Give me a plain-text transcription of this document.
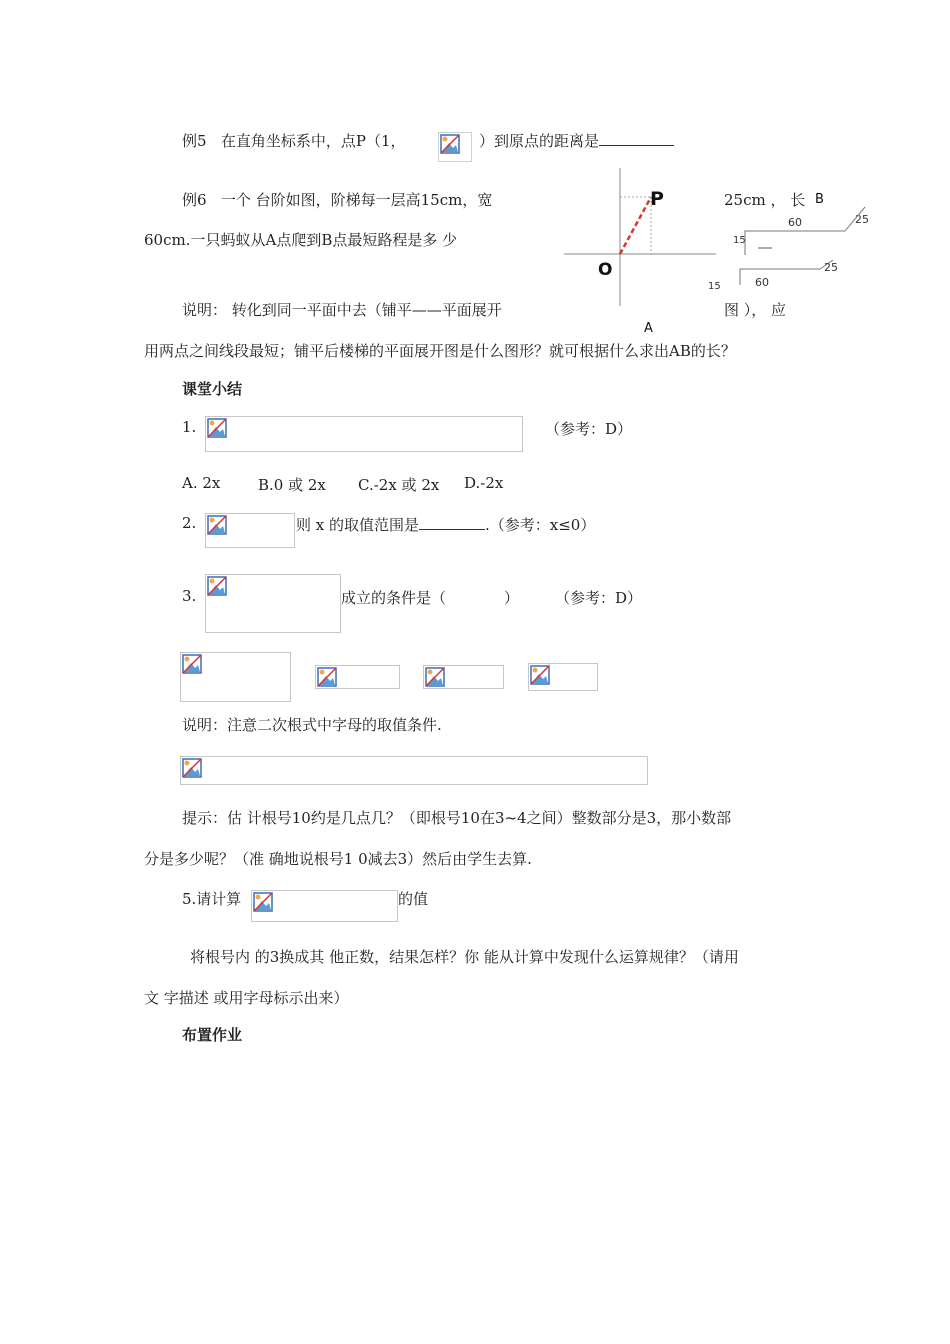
例5 在直角坐标系中，点P（1，	）到原点的距离是
例6 一个 台阶如图，阶梯每一层高15cm，宽	25cm ， 长
60cm.一只蚂蚁从A点爬到B点最短路程是多 少
P
O
A
B
60	25
15
25
15	60
说明： 转化到同一平面中去（铺平——平面展开	图 ）， 应
用两点之间线段最短；铺平后楼梯的平面展开图是什么图形？就可根据什么求出AB的长？
课堂小结
1.	（参考：D）
A. 2x	B.0 或 2x C.-2x 或 2x D.-2x
2.	则 x 的取值范围是	.（参考：x≤0）
3.	成立的条件是（	） （参考：D）
说明：注意二次根式中字母的取值条件.
提示：估 计根号10约是几点几？（即根号10在3~4之间）整数部分是3，那小数部
分是多少呢？（准 确地说根号1 0减去3）然后由学生去算.
5.请计算	的值
将根号内 的3换成其 他正数，结果怎样？你 能从计算中发现什么运算规律？（请用
文 字描述 或用字母标示出来）
布置作业
